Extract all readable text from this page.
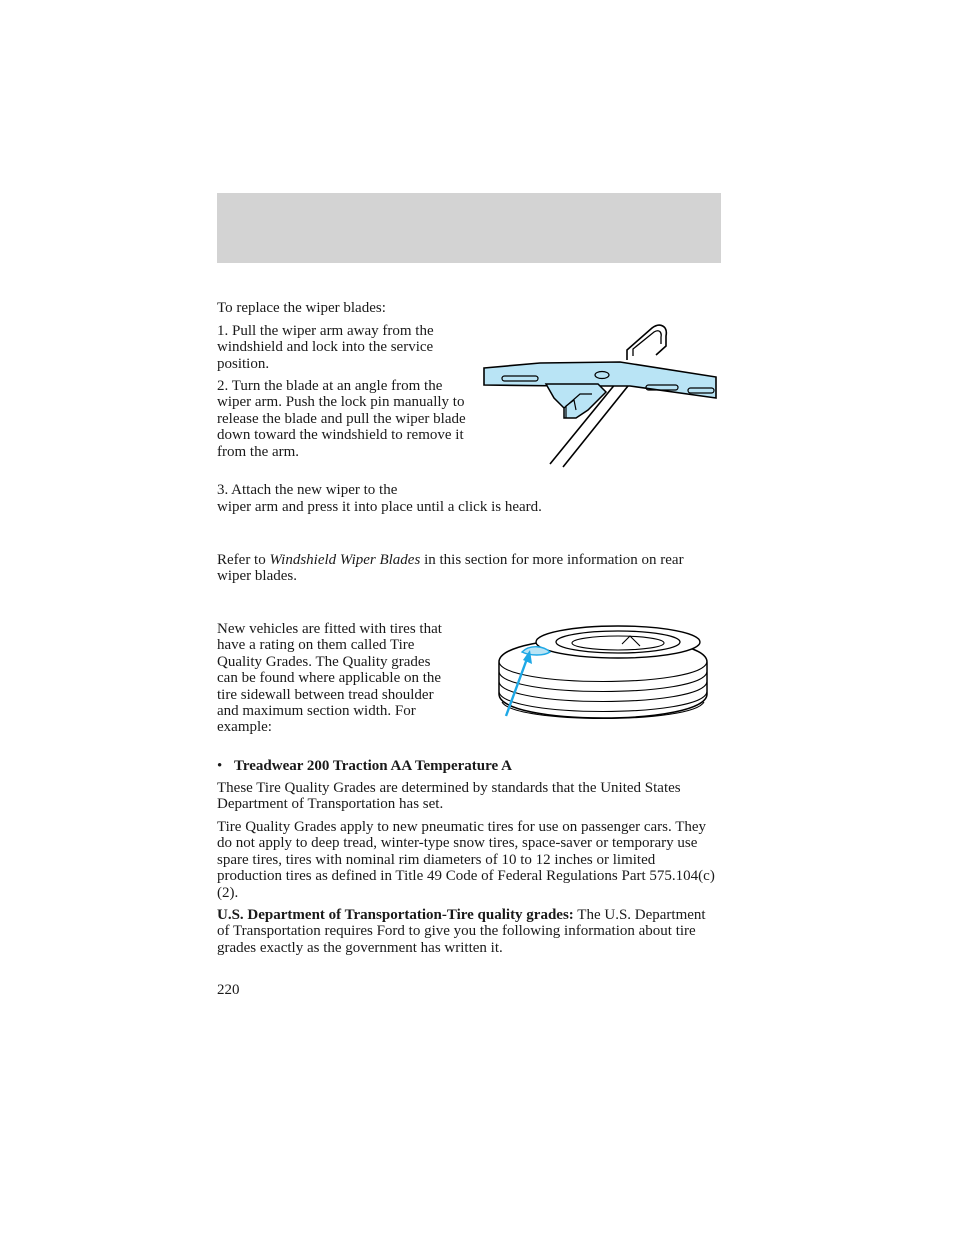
To replace the wiper blades:

1. Pull the wiper arm away from the windshield and lock into the service position.

2. Turn the blade at an angle from the wiper arm. Push the lock pin manually to release the blade and pull the wiper blade down toward the windshield to remove it from the arm.

3. Attach the new wiper to the

wiper arm and press it into place until a click is heard.

Refer to Windshield Wiper Blades in this section for more information on rear wiper blades.

New vehicles are fitted with tires that have a rating on them called Tire Quality Grades. The Quality grades can be found where applicable on the tire sidewall between tread shoulder and maximum section width. For example:

• Treadwear 200 Traction AA Temperature A

These Tire Quality Grades are determined by standards that the United States Department of Transportation has set.

Tire Quality Grades apply to new pneumatic tires for use on passenger cars. They do not apply to deep tread, winter-type snow tires, space-saver or temporary use spare tires, tires with nominal rim diameters of 10 to 12 inches or limited production tires as defined in Title 49 Code of Federal Regulations Part 575.104(c)(2).

U.S. Department of Transportation-Tire quality grades: The U.S. Department of Transportation requires Ford to give you the following information about tire grades exactly as the government has written it.

220
